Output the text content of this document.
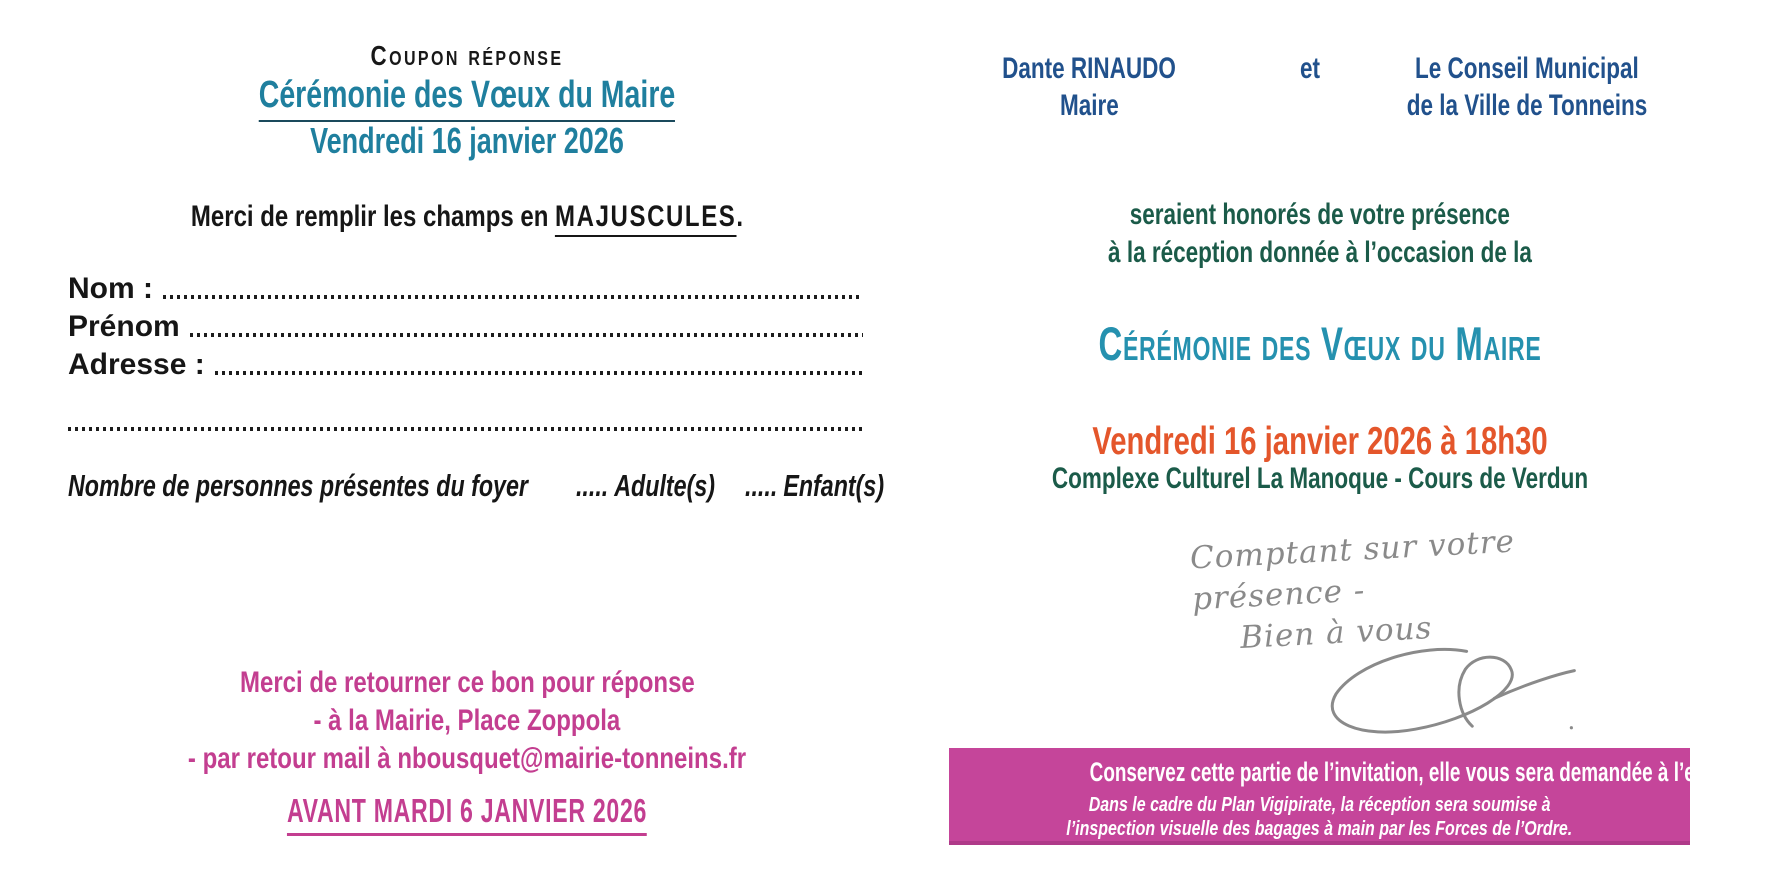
Coupon réponse
Cérémonie des Vœux du Maire
Vendredi 16 janvier 2026
Merci de remplir les champs en MAJUSCULES.
Nom :
Prénom
Adresse :
Nombre de personnes présentes du foyer ..... Adulte(s) ..... Enfant(s)
Merci de retourner ce bon pour réponse
- à la Mairie, Place Zoppola
- par retour mail à nbousquet@mairie-tonneins.fr
AVANT MARDI 6 JANVIER 2026
Dante RINAUDO
Maire
et	Le Conseil Municipal
de la Ville de Tonneins
seraient honorés de votre présence
à la réception donnée à l’occasion de la
Cérémonie des Vœux du Maire
Vendredi 16 janvier 2026 à 18h30
Complexe Culturel La Manoque - Cours de Verdun
Comptant sur votre
présence -
Bien à vous
Conservez cette partie de l’invitation, elle vous sera demandée à l’entrée.
Dans le cadre du Plan Vigipirate, la réception sera soumise à
l’inspection visuelle des bagages à main par les Forces de l’Ordre.
